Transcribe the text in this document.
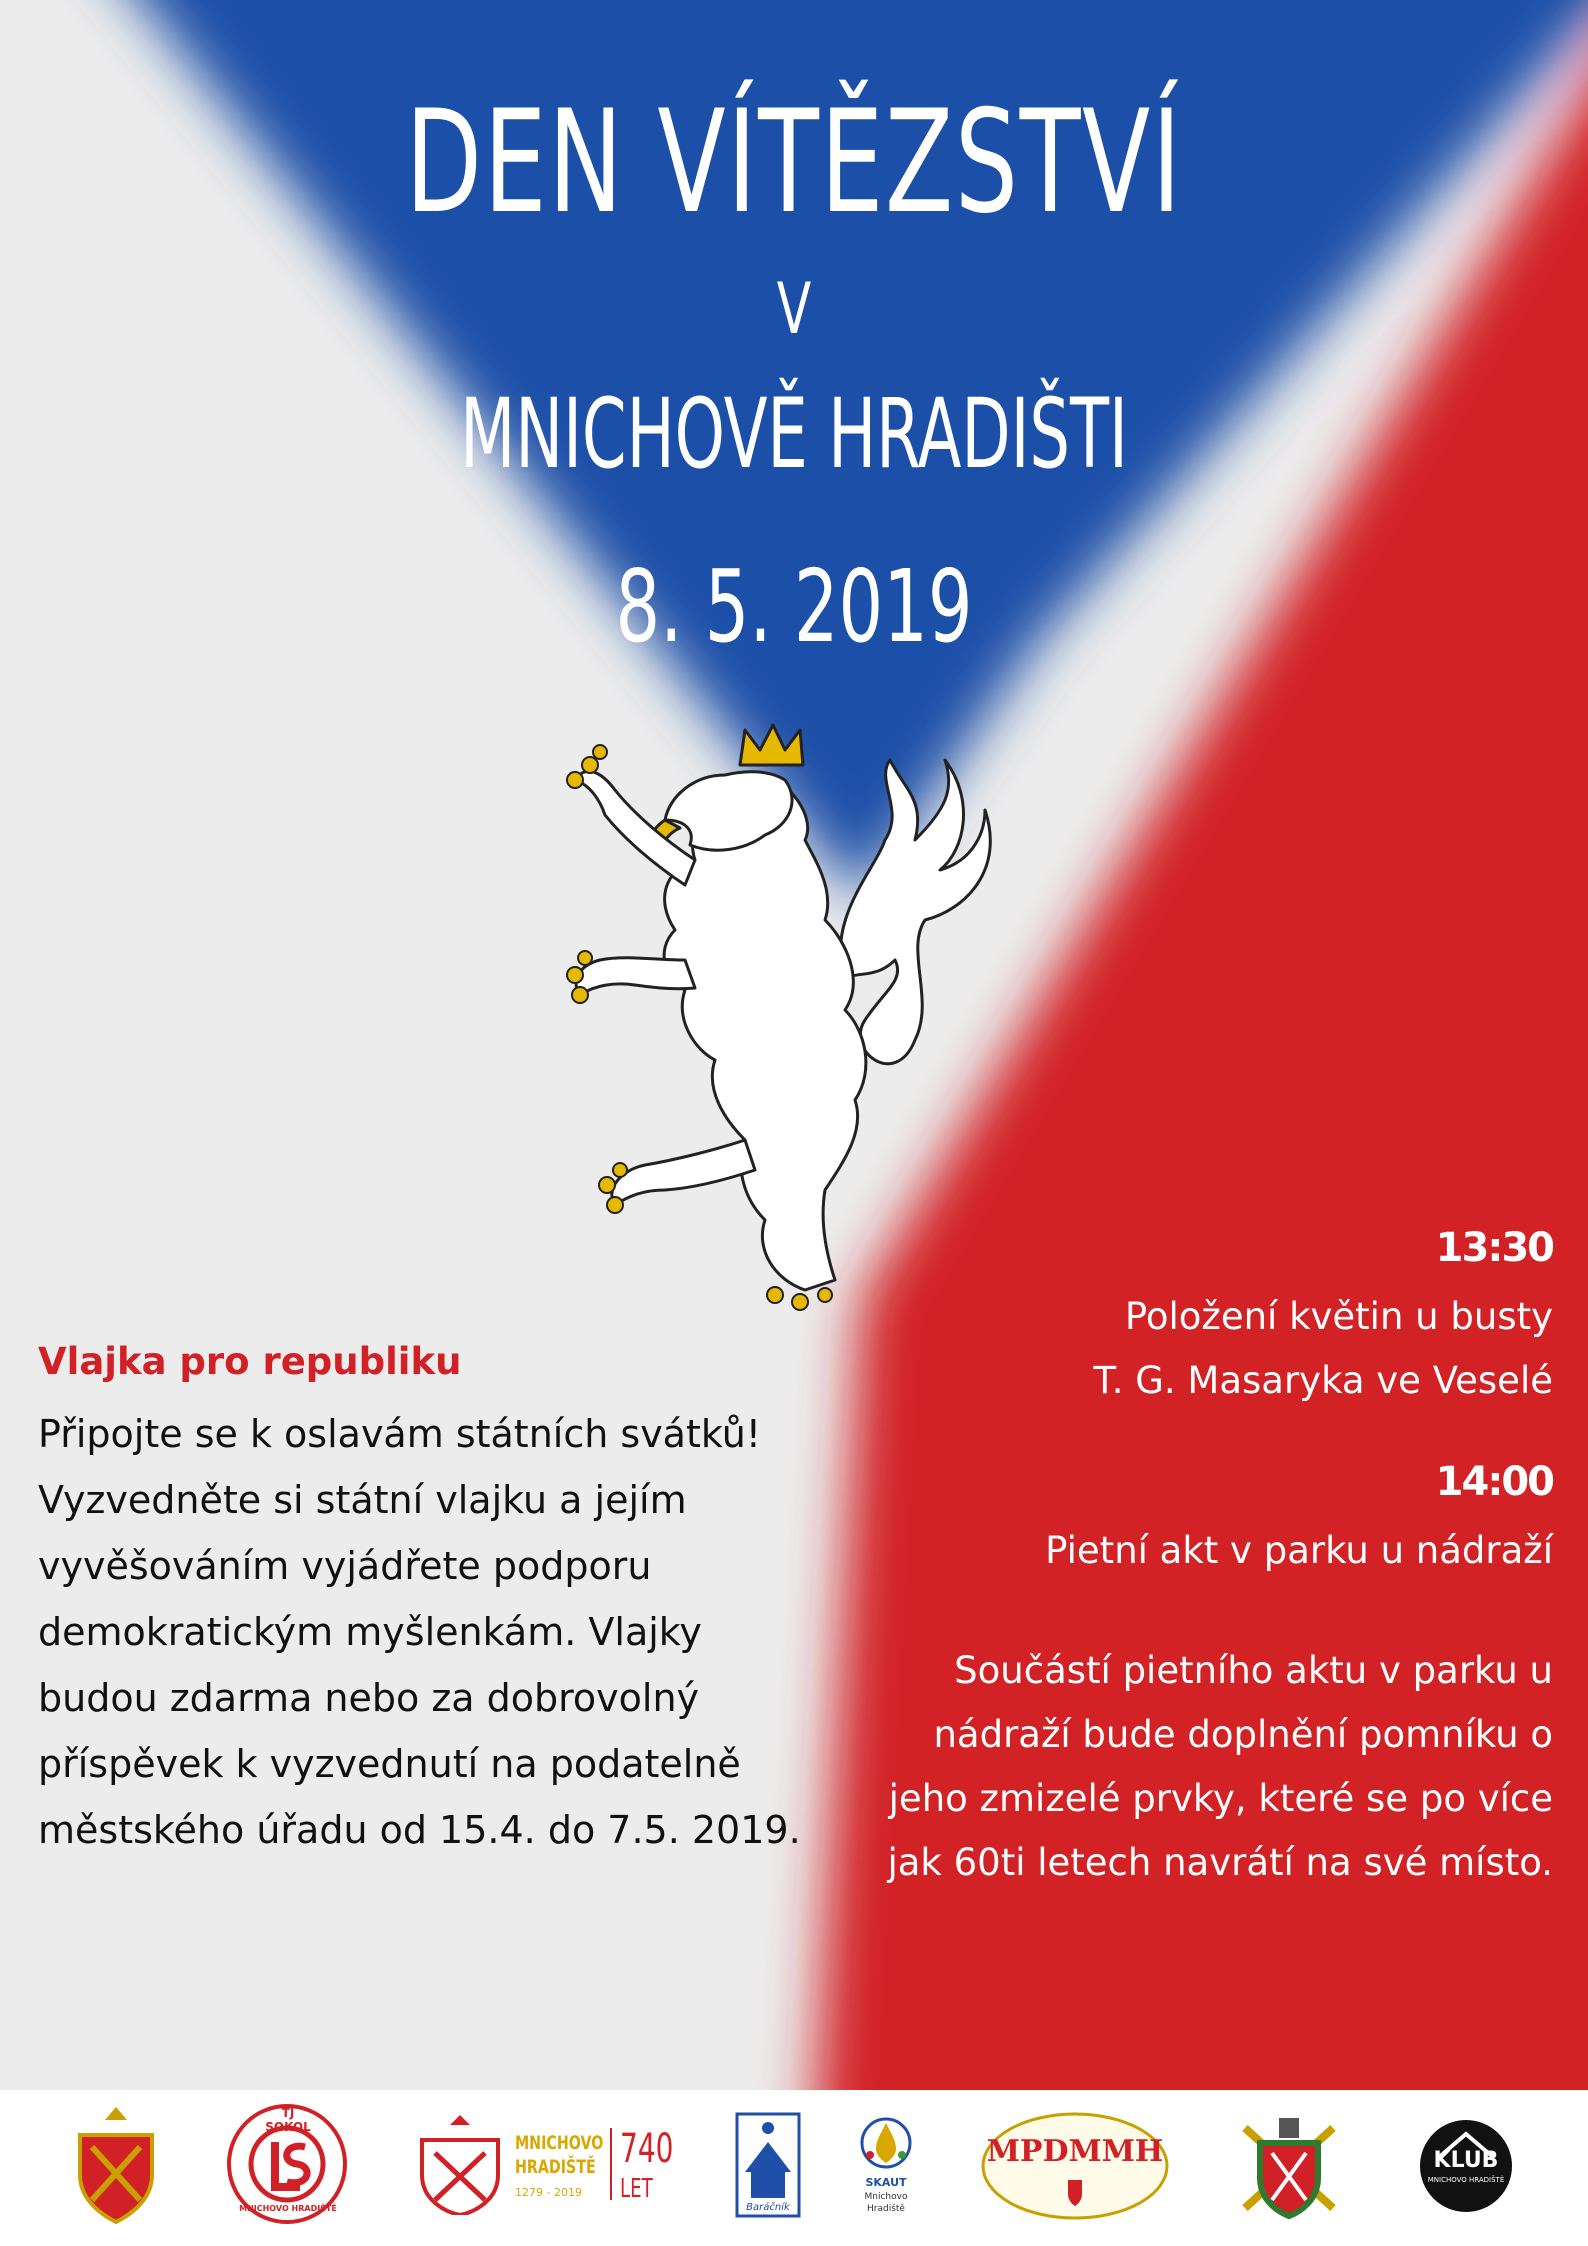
DEN VÍTĚZSTVÍ
V
MNICHOVĚ HRADIŠTI
8. 5. 2019
Vlajka pro republiku
Připojte se k oslavám státních svátků!
Vyzvedněte si státní vlajku a jejím
vyvěšováním vyjádřete podporu
demokratickým myšlenkám. Vlajky
budou zdarma nebo za dobrovolný
příspěvek k vyzvednutí na podatelně
městského úřadu od 15.4. do 7.5. 2019.
13:30
Položení květin u busty
T. G. Masaryka ve Veselé
14:00
Pietní akt v parku u nádraží
Součástí pietního aktu v parku u
nádraží bude doplnění pomníku o
jeho zmizelé prvky, které se po více
jak 60ti letech navrátí na své místo.
TJ SOKOL
MNICHOVO HRADIŠTĚ
MNICHOVO
HRADIŠTĚ
1279 - 2019
740
LET
Baráčník
SKAUT
Mnichovo
Hradiště
MPDMMH	KLUB
MNICHOVO HRADIŠTĚ
